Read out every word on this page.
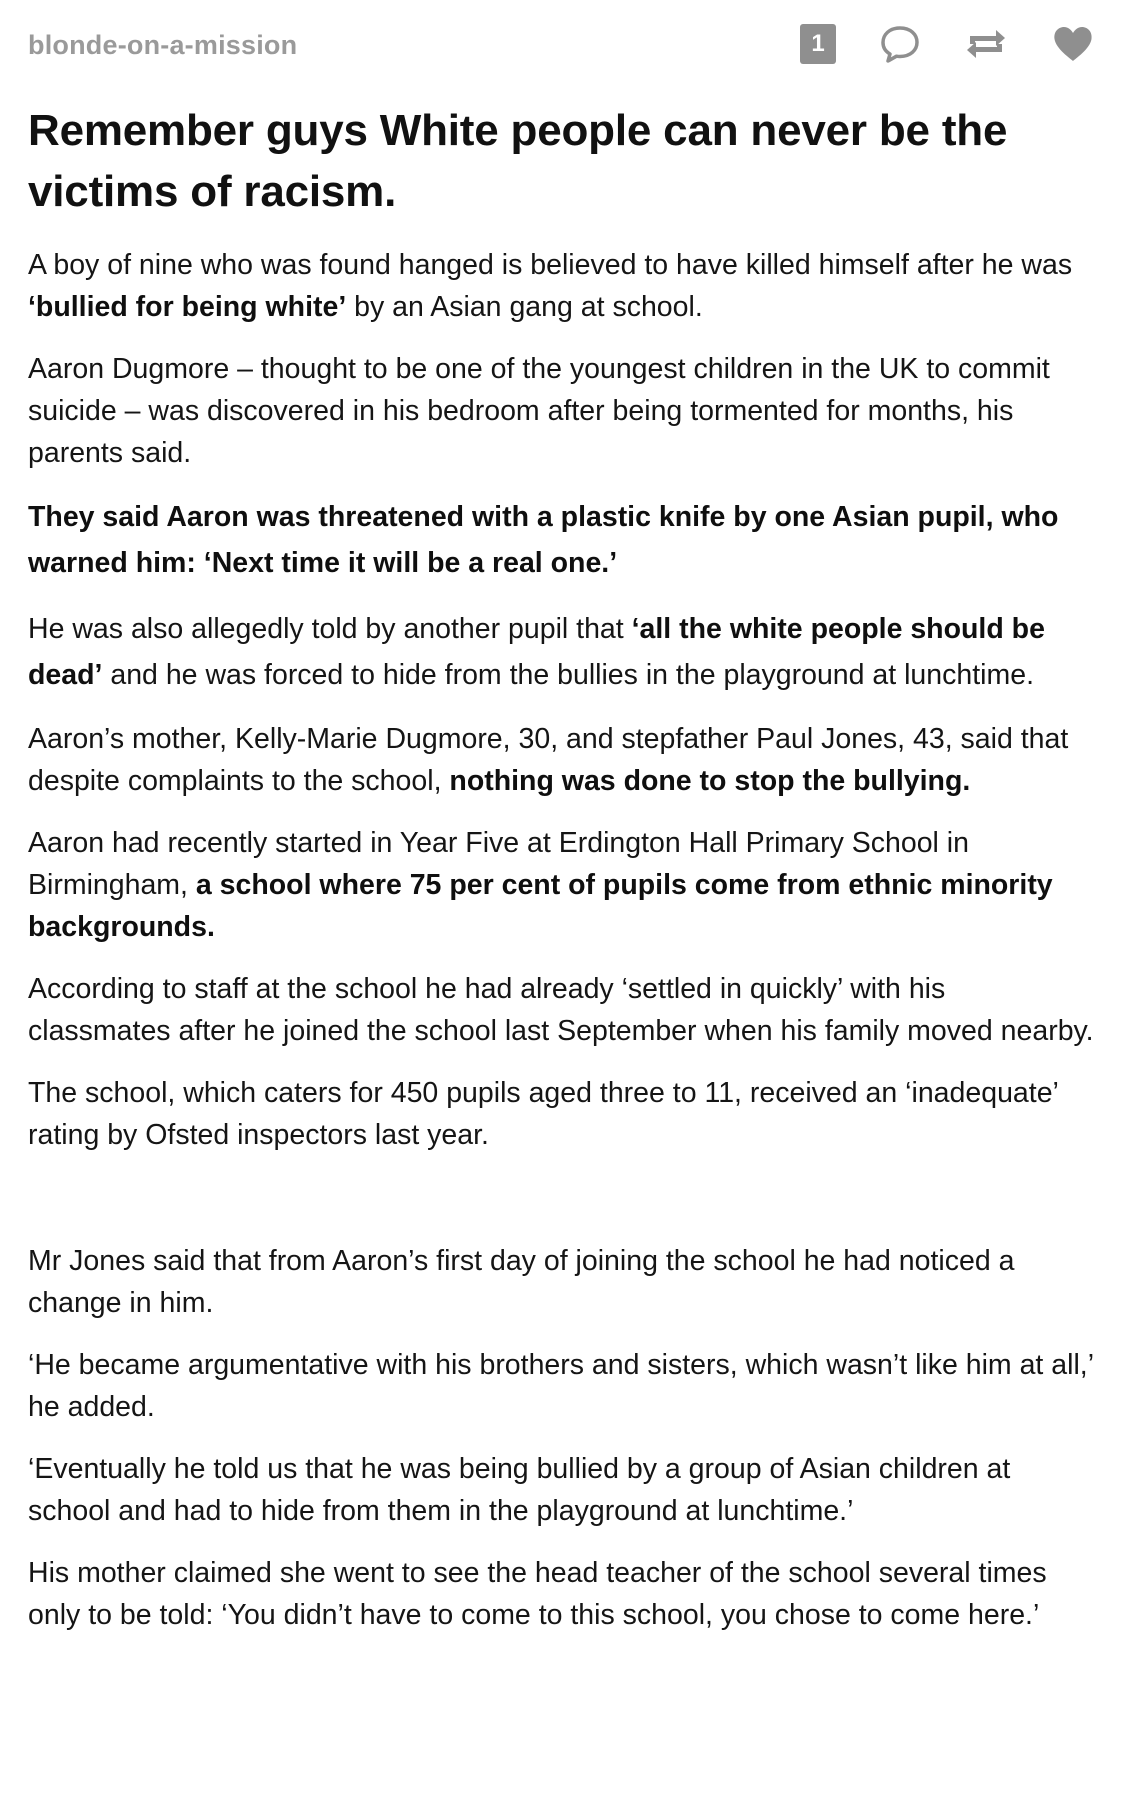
blonde-on-a-mission	1
Remember guys White people can never be the victims of racism.

A boy of nine who was found hanged is believed to have killed himself after he was ‘bullied for being white’ by an Asian gang at school.

Aaron Dugmore – thought to be one of the youngest children in the UK to commit suicide – was discovered in his bedroom after being tormented for months, his parents said.

They said Aaron was threatened with a plastic knife by one Asian pupil, who warned him: ‘Next time it will be a real one.’

He was also allegedly told by another pupil that ‘all the white people should be dead’ and he was forced to hide from the bullies in the playground at lunchtime.

Aaron’s mother, Kelly-Marie Dugmore, 30, and stepfather Paul Jones, 43, said that despite complaints to the school, nothing was done to stop the bullying.

Aaron had recently started in Year Five at Erdington Hall Primary School in Birmingham, a school where 75 per cent of pupils come from ethnic minority backgrounds.

According to staff at the school he had already ‘settled in quickly’ with his classmates after he joined the school last September when his family moved nearby.

The school, which caters for 450 pupils aged three to 11, received an ‘inadequate’ rating by Ofsted inspectors last year.

Mr Jones said that from Aaron’s first day of joining the school he had noticed a change in him.

‘He became argumentative with his brothers and sisters, which wasn’t like him at all,’ he added.

‘Eventually he told us that he was being bullied by a group of Asian children at school and had to hide from them in the playground at lunchtime.’

His mother claimed she went to see the head teacher of the school several times only to be told: ‘You didn’t have to come to this school, you chose to come here.’
